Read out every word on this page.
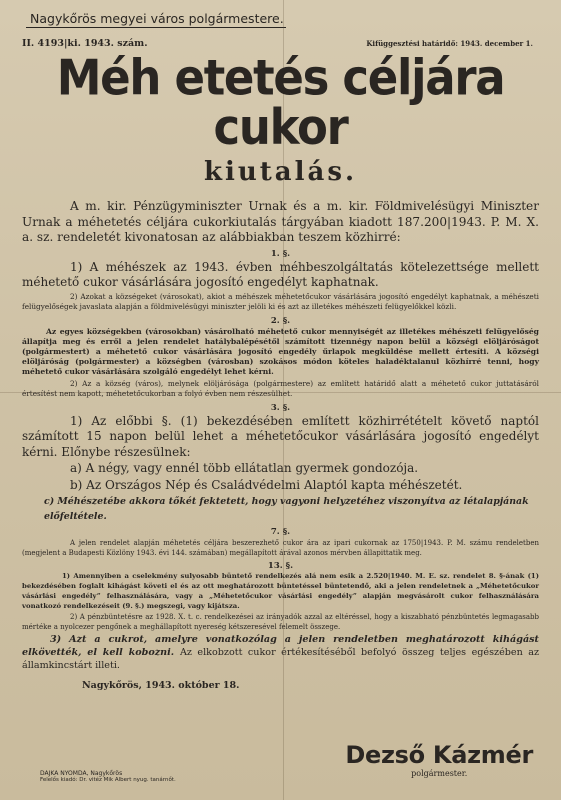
Nagykőrös megyei város polgármestere.
II. 4193|ki. 1943. szám.	Kifüggesztési határidő: 1943. december 1.
Méh etetés céljára cukor
kiutalás.

A m. kir. Pénzügyminiszter Urnak és a m. kir. Földmivelésügyi Miniszter Urnak a méhetetés céljára cukorkiutalás tárgyában kiadott 187.200|1943. P. M. X. a. sz. rendeletét kivonatosan az alábbiakban teszem közhirré:

1. §.

1) A méhészek az 1943. évben méhbeszolgáltatás kötelezettsége mellett méhetető cukor vásárlására jogosító engedélyt kaphatnak.

2) Azokat a községeket (városokat), akiot a méhészek méhetetőcukor vásárlására jogosító engedélyt kaphatnak, a méhészeti felügyelőségek javaslata alapján a földmivelésügyi miniszter jelöli ki és azt az illetékes méhészeti felügyelőkkel közli.

2. §.

Az egyes községekben (városokban) vásárolható méhetető cukor mennyiségét az illetékes méhészeti felügyelőség állapítja meg és erről a jelen rendelet hatálybalépésétől számított tizennégy napon belül a községi elöljáróságot (polgármestert) a méhetető cukor vásárlására jogosító engedély űrlapok megküldése mellett értesíti. A községi elöljáróság (polgármester) a községben (városban) szokásos módon köteles haladéktalanul közhírré tenni, hogy méhetető cukor vásárlására szolgáló engedélyt lehet kérni.

2) Az a község (város), melynek elöljárósága (polgármestere) az említett határidő alatt a méhetető cukor juttatásáról értesítést nem kapott, méhetetőcukorban a folyó évben nem részesülhet.

3. §.

1) Az előbbi §. (1) bekezdésében említett közhirrétételt követő naptól számított 15 napon belül lehet a méhetetőcukor vásárlására jogosító engedélyt kérni. Előnybe részesülnek:

a) A négy, vagy ennél több ellátatlan gyermek gondozója.

b) Az Országos Nép és Családvédelmi Alaptól kapta méhészetét.

c) Méhészetébe akkora tőkét fektetett, hogy vagyoni helyzetéhez viszonyítva az létalapjának előfeltétele.

7. §.

A jelen rendelet alapján méhetetés céljára beszerezhető cukor ára az ipari cukornak az 1750|1943. P. M. számu rendeletben (megjelent a Budapesti Közlöny 1943. évi 144. számában) megállapított árával azonos mérvben állapittatik meg.

13. §.

1) Amennyiben a cselekmény sulyosabb büntető rendelkezés alá nem esik a 2.520|1940. M. E. sz. rendelet 8. §-ának (1) bekezdésében foglalt kihágást követi el és az ott meghatározott büntetéssel büntetendő, aki a jelen rendeletnek a „Méhetetőcukor vásárlási engedély” felhasználására, vagy a „Méhetetőcukor vásárlási engedély” alapján megvásárolt cukor felhasználására vonatkozó rendelkezéseit (9. §.) megszegi, vagy kijátsza.

2) A pénzbüntetésre az 1928. X. t. c. rendelkezései az irányadók azzal az eltéréssel, hogy a kiszabható pénzbüntetés legmagasabb mértéke a nyolcezer pengőnek a meghállapított nyereség kétszeresével felemelt összege.

3) Azt a cukrot, amelyre vonatkozólag a jelen rendeletben meghatározott kihágást elkövették, el kell kobozni. Az elkobzott cukor értékesítéséből befolyó összeg teljes egészében az államkincstárt illeti.

Nagykőrös, 1943. október 18.
Dezső Kázmér
polgármester.
DAJKA NYOMDA, Nagykőrös
Felelős kiadó: Dr. vitéz Mik Albert nyug. tanárnőt.
